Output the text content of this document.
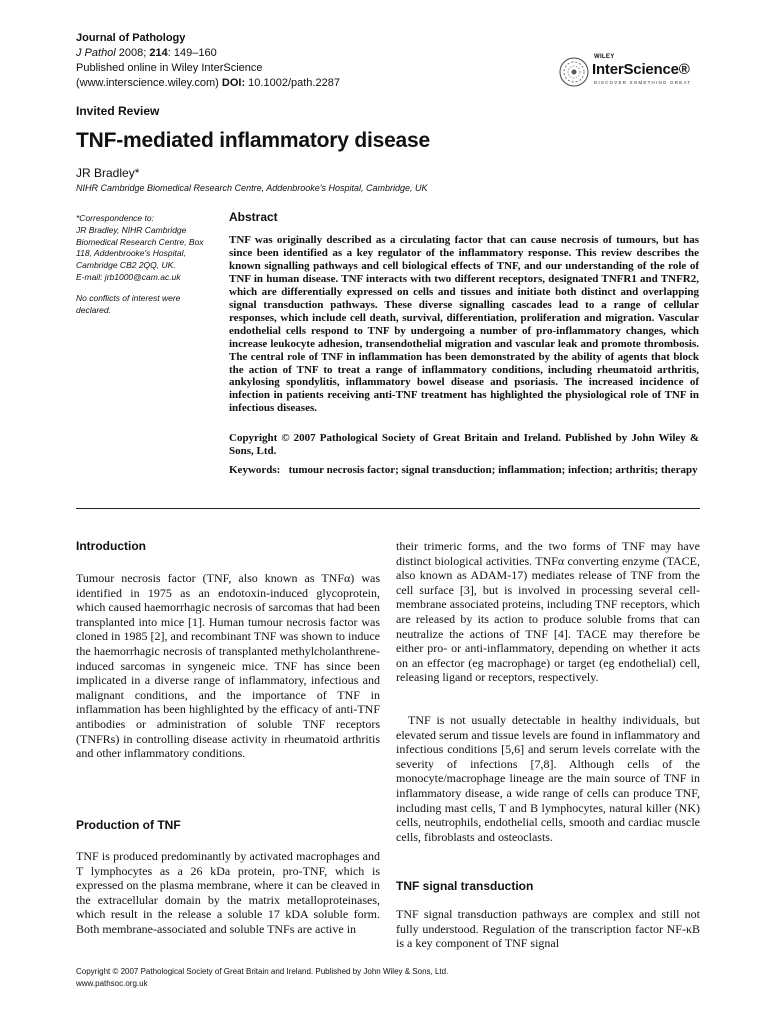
Journal of Pathology
J Pathol 2008; 214: 149–160
Published online in Wiley InterScience
(www.interscience.wiley.com) DOI: 10.1002/path.2287
WILEY
InterScience®
DISCOVER SOMETHING GREAT
Invited Review
TNF-mediated inflammatory disease
JR Bradley*
NIHR Cambridge Biomedical Research Centre, Addenbrooke's Hospital, Cambridge, UK
*Correspondence to:
JR Bradley, NIHR Cambridge
Biomedical Research Centre, Box
118, Addenbrooke's Hospital,
Cambridge CB2 2QQ, UK.
E-mail: jrb1000@cam.ac.uk
No conflicts of interest were
declared.
Abstract
TNF was originally described as a circulating factor that can cause necrosis of tumours, but has since been identified as a key regulator of the inflammatory response. This review describes the known signalling pathways and cell biological effects of TNF, and our understanding of the role of TNF in human disease. TNF interacts with two different receptors, designated TNFR1 and TNFR2, which are differentially expressed on cells and tissues and initiate both distinct and overlapping signal transduction pathways. These diverse signalling cascades lead to a range of cellular responses, which include cell death, survival, differentiation, proliferation and migration. Vascular endothelial cells respond to TNF by undergoing a number of pro-inflammatory changes, which increase leukocyte adhesion, transendothelial migration and vascular leak and promote thrombosis. The central role of TNF in inflammation has been demonstrated by the ability of agents that block the action of TNF to treat a range of inflammatory conditions, including rheumatoid arthritis, ankylosing spondylitis, inflammatory bowel disease and psoriasis. The increased incidence of infection in patients receiving anti-TNF treatment has highlighted the physiological role of TNF in infectious diseases.
Copyright © 2007 Pathological Society of Great Britain and Ireland. Published by John Wiley & Sons, Ltd.
Keywords: tumour necrosis factor; signal transduction; inflammation; infection; arthritis; therapy
Introduction

Tumour necrosis factor (TNF, also known as TNFα) was identified in 1975 as an endotoxin-induced glycoprotein, which caused haemorrhagic necrosis of sarcomas that had been transplanted into mice [1]. Human tumour necrosis factor was cloned in 1985 [2], and recombinant TNF was shown to induce the haemorrhagic necrosis of transplanted methylcholanthrene-induced sarcomas in syngeneic mice. TNF has since been implicated in a diverse range of inflammatory, infectious and malignant conditions, and the importance of TNF in inflammation has been highlighted by the efficacy of anti-TNF antibodies or administration of soluble TNF receptors (TNFRs) in controlling disease activity in rheumatoid arthritis and other inflammatory conditions.

Production of TNF

TNF is produced predominantly by activated macrophages and T lymphocytes as a 26 kDa protein, pro-TNF, which is expressed on the plasma membrane, where it can be cleaved in the extracellular domain by the matrix metalloproteinases, which result in the release a soluble 17 kDA soluble form. Both membrane-associated and soluble TNFs are active in

their trimeric forms, and the two forms of TNF may have distinct biological activities. TNFα converting enzyme (TACE, also known as ADAM-17) mediates release of TNF from the cell surface [3], but is involved in processing several cell-membrane associated proteins, including TNF receptors, which are released by its action to produce soluble froms that can neutralize the actions of TNF [4]. TACE may therefore be either pro- or anti-inflammatory, depending on whether it acts on an effector (eg macrophage) or target (eg endothelial) cell, releasing ligand or receptors, respectively.

TNF is not usually detectable in healthy individuals, but elevated serum and tissue levels are found in inflammatory and infectious conditions [5,6] and serum levels correlate with the severity of infections [7,8]. Although cells of the monocyte/macrophage lineage are the main source of TNF in inflammatory disease, a wide range of cells can produce TNF, including mast cells, T and B lymphocytes, natural killer (NK) cells, neutrophils, endothelial cells, smooth and cardiac muscle cells, fibroblasts and osteoclasts.

TNF signal transduction

TNF signal transduction pathways are complex and still not fully understood. Regulation of the transcription factor NF-κB is a key component of TNF signal

Copyright © 2007 Pathological Society of Great Britain and Ireland. Published by John Wiley & Sons, Ltd.
www.pathsoc.org.uk
